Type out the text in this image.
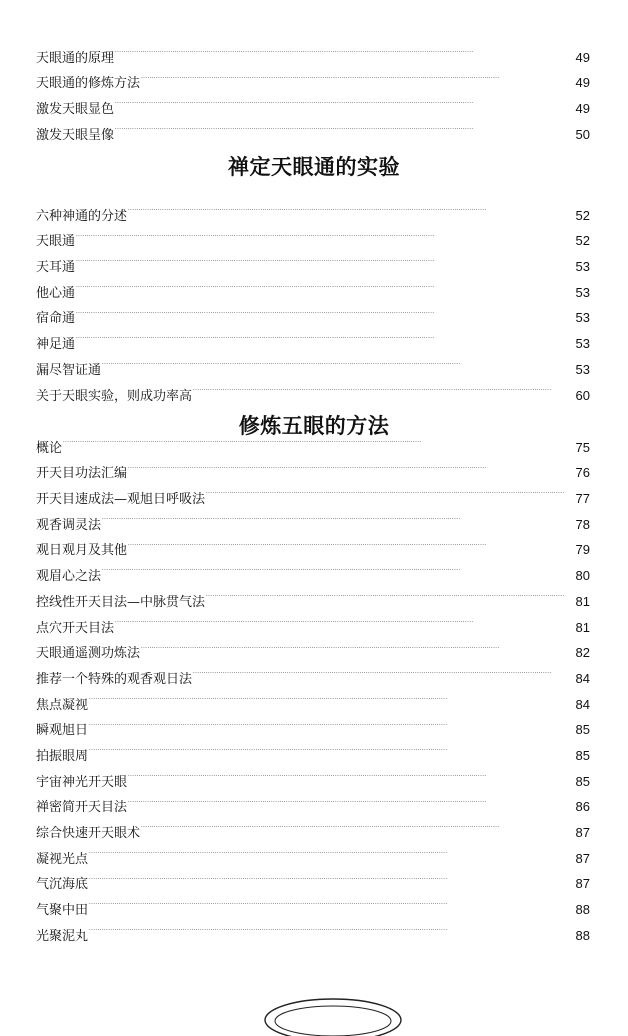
天眼通的原理 . . .	49
天眼通的修炼方法 . . .	49
激发天眼显色 . . .	49
激发天眼呈像 . . .	50
禅定天眼通的实验
六种神通的分述 . . .	52
天眼通 . . .	52
天耳通 . . .	53
他心通 . . .	53
宿命通 . . .	53
神足通 . . .	53
漏尽智证通 . . .	53
关于天眼实验，则成功率高 . . .	60
修炼五眼的方法
概论 . . .	75
开天目功法汇编 . . .	76
开天目速成法—观旭日呼吸法 . . .	77
观香调灵法 . . .	78
观日观月及其他 . . .	79
观眉心之法 . . .	80
控线性开天目法—中脉贯气法 . . .	81
点穴开天目法 . . .	81
天眼通遥测功炼法 . . .	82
推荐一个特殊的观香观日法 . . .	84
焦点凝视 . . .	84
瞬观旭日 . . .	85
拍振眼周 . . .	85
宇宙神光开天眼 . . .	85
禅密简开天目法 . . .	86
综合快速开天眼术 . . .	87
凝视光点 . . .	87
气沉海底 . . .	87
气聚中田 . . .	88
光聚泥丸 . . .	88
